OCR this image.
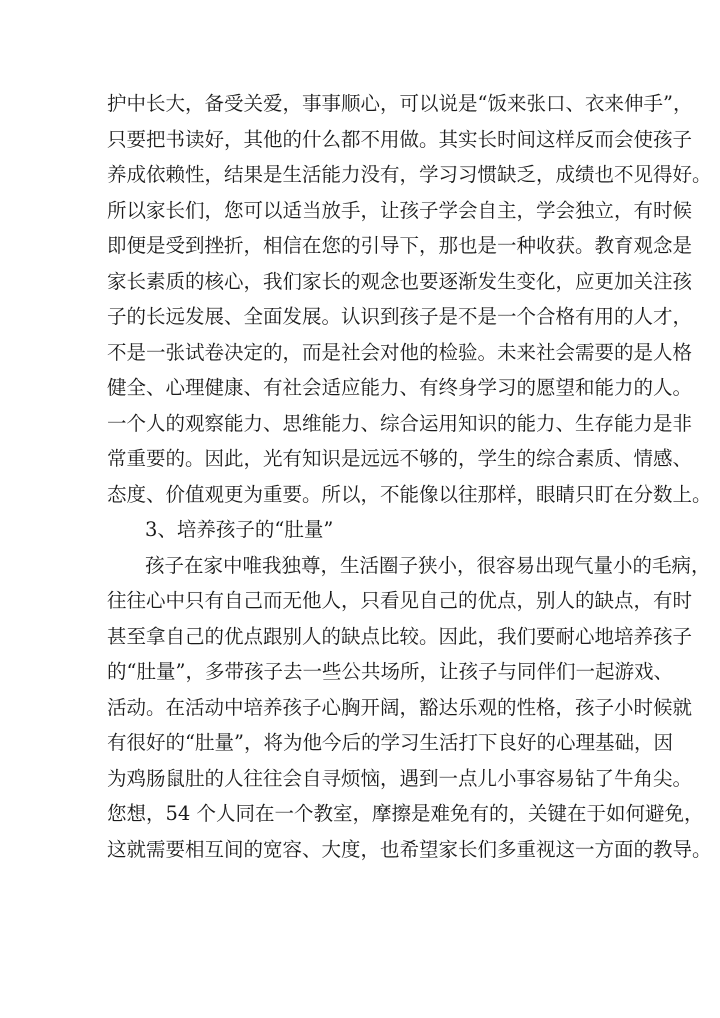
护中长大，备受关爱，事事顺心，可以说是“饭来张口、衣来伸手”，
只要把书读好，其他的什么都不用做。其实长时间这样反而会使孩子
养成依赖性，结果是生活能力没有，学习习惯缺乏，成绩也不见得好。
所以家长们，您可以适当放手，让孩子学会自主，学会独立，有时候
即便是受到挫折，相信在您的引导下，那也是一种收获。教育观念是
家长素质的核心，我们家长的观念也要逐渐发生变化，应更加关注孩
子的长远发展、全面发展。认识到孩子是不是一个合格有用的人才，
不是一张试卷决定的，而是社会对他的检验。未来社会需要的是人格
健全、心理健康、有社会适应能力、有终身学习的愿望和能力的人。
一个人的观察能力、思维能力、综合运用知识的能力、生存能力是非
常重要的。因此，光有知识是远远不够的，学生的综合素质、情感、
态度、价值观更为重要。所以，不能像以往那样，眼睛只盯在分数上。
3、培养孩子的“肚量”
孩子在家中唯我独尊，生活圈子狭小，很容易出现气量小的毛病，
往往心中只有自己而无他人，只看见自己的优点，别人的缺点，有时
甚至拿自己的优点跟别人的缺点比较。因此，我们要耐心地培养孩子
的“肚量”，多带孩子去一些公共场所，让孩子与同伴们一起游戏、
活动。在活动中培养孩子心胸开阔，豁达乐观的性格，孩子小时候就
有很好的“肚量”，将为他今后的学习生活打下良好的心理基础，因
为鸡肠鼠肚的人往往会自寻烦恼，遇到一点儿小事容易钻了牛角尖。
您想，54 个人同在一个教室，摩擦是难免有的，关键在于如何避免，
这就需要相互间的宽容、大度，也希望家长们多重视这一方面的教导。
